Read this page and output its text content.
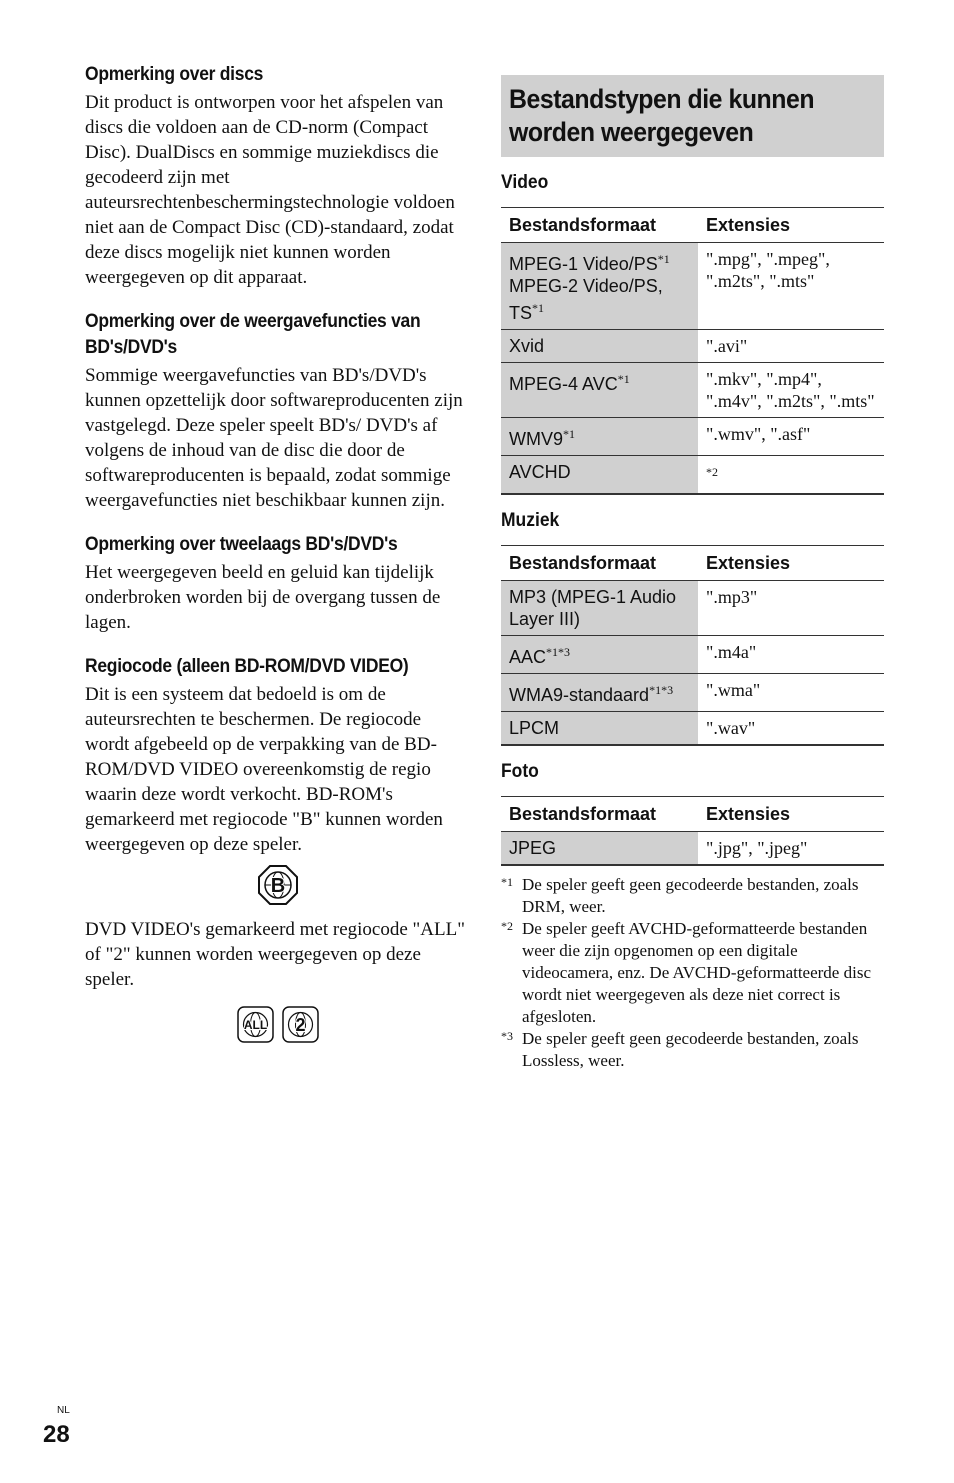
Opmerking over discs

Dit product is ontworpen voor het afspelen van discs die voldoen aan de CD-norm (Compact Disc). DualDiscs en sommige muziekdiscs die gecodeerd zijn met auteursrechtenbeschermingstechnologie voldoen niet aan de Compact Disc (CD)-standaard, zodat deze discs mogelijk niet kunnen worden weergegeven op dit apparaat.

Opmerking over de weergavefuncties van BD's/DVD's

Sommige weergavefuncties van BD's/DVD's kunnen opzettelijk door softwareproducenten zijn vastgelegd. Deze speler speelt BD's/ DVD's af volgens de inhoud van de disc die door de softwareproducenten is bepaald, zodat sommige weergavefuncties niet beschikbaar kunnen zijn.

Opmerking over tweelaags BD's/DVD's

Het weergegeven beeld en geluid kan tijdelijk onderbroken worden bij de overgang tussen de lagen.

Regiocode (alleen BD-ROM/DVD VIDEO)

Dit is een systeem dat bedoeld is om de auteursrechten te beschermen. De regiocode wordt afgebeeld op de verpakking van de BD-ROM/DVD VIDEO overeenkomstig de regio waarin deze wordt verkocht. BD-ROM's gemarkeerd met regiocode "B" kunnen worden weergegeven op deze speler.

B

DVD VIDEO's gemarkeerd met regiocode "ALL" of "2" kunnen worden weergegeven op deze speler.

ALL 2
Bestandstypen die kunnen worden weergegeven

Video

Bestandsformaat	Extensies
MPEG-1 Video/PS$^{*1}$
MPEG-2 Video/PS, TS$^{*1}$	".mpg", ".mpeg", ".m2ts", ".mts"
Xvid	".avi"
MPEG-4 AVC$^{*1}$	".mkv", ".mp4", ".m4v", ".m2ts", ".mts"
WMV9$^{*1}$	".wmv", ".asf"
AVCHD	$^{*2}$

Muziek

Bestandsformaat	Extensies
MP3 (MPEG-1 Audio Layer III)	".mp3"
$AAC^{*1*3}$	".m4a"
WMA9-standaard$^{*1*3}$	".wma"
LPCM	".wav"

Foto

Bestandsformaat	Extensies
JPEG	".jpg", ".jpeg"
*1 De speler geeft geen gecodeerde bestanden, zoals DRM, weer.
*2 De speler geeft AVCHD-geformatteerde bestanden weer die zijn opgenomen op een digitale videocamera, enz. De AVCHD-geformatteerde disc wordt niet weergegeven als deze niet correct is afgesloten.
*3 De speler geeft geen gecodeerde bestanden, zoals Lossless, weer.
NL
28
